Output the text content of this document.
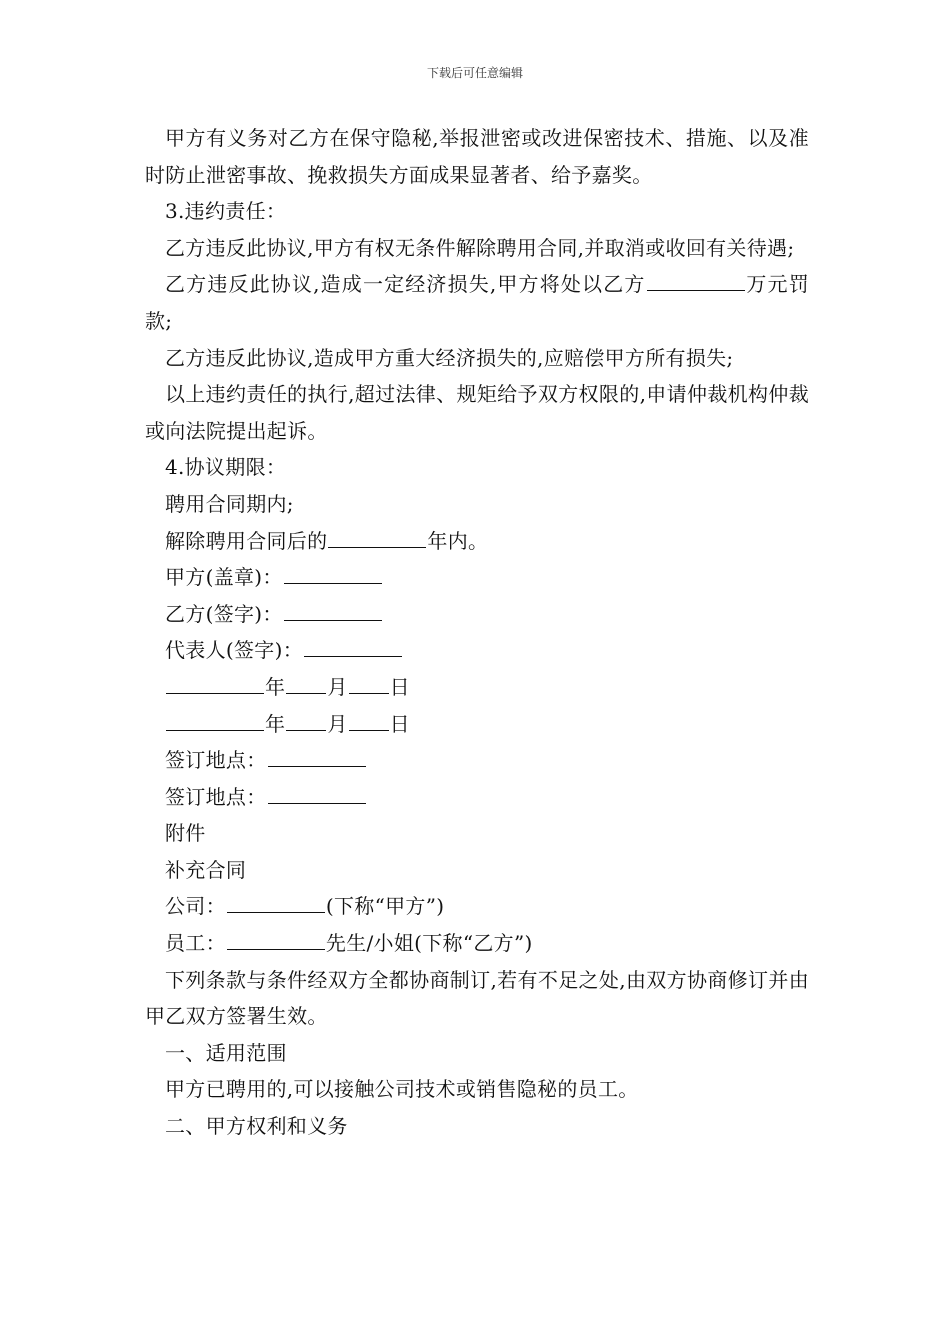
下载后可任意编辑

甲方有义务对乙方在保守隐秘,举报泄密或改进保密技术、措施、以及准时防止泄密事故、挽救损失方面成果显著者、给予嘉奖。

3.违约责任：

乙方违反此协议,甲方有权无条件解除聘用合同,并取消或收回有关待遇;

乙方违反此协议,造成一定经济损失,甲方将处以乙方	万元罚款;

乙方违反此协议,造成甲方重大经济损失的,应赔偿甲方所有损失;

以上违约责任的执行,超过法律、规矩给予双方权限的,申请仲裁机构仲裁或向法院提出起诉。

4.协议期限：

聘用合同期内;

解除聘用合同后的	年内。

甲方(盖章)：

乙方(签字)：

代表人(签字)：

年 月 日

年 月 日

签订地点：

签订地点：

附件

补充合同

公司：	(下称“甲方”)

员工：	先生/小姐(下称“乙方”)

下列条款与条件经双方全都协商制订,若有不足之处,由双方协商修订并由甲乙双方签署生效。

一、适用范围

甲方已聘用的,可以接触公司技术或销售隐秘的员工。

二、甲方权利和义务
